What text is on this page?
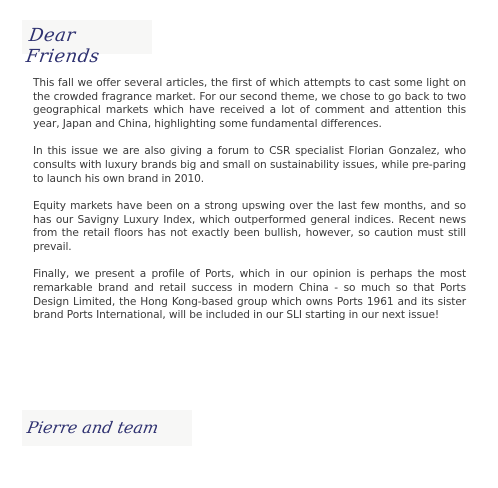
Dear Friends

This fall we offer several articles, the first of which attempts to cast some light on the crowded fragrance market. For our second theme, we chose to go back to two geographical markets which have received a lot of comment and attention this year, Japan and China, highlighting some fundamental differences.

In this issue we are also giving a forum to CSR specialist Florian Gonzalez, who consults with luxury brands big and small on sustainability issues, while pre-paring to launch his own brand in 2010.

Equity markets have been on a strong upswing over the last few months, and so has our Savigny Luxury Index, which outperformed general indices. Recent news from the retail floors has not exactly been bullish, however, so caution must still prevail.

Finally, we present a profile of Ports, which in our opinion is perhaps the most remarkable brand and retail success in modern China - so much so that Ports Design Limited, the Hong Kong-based group which owns Ports 1961 and its sister brand Ports International, will be included in our SLI starting in our next issue!

Pierre and team
